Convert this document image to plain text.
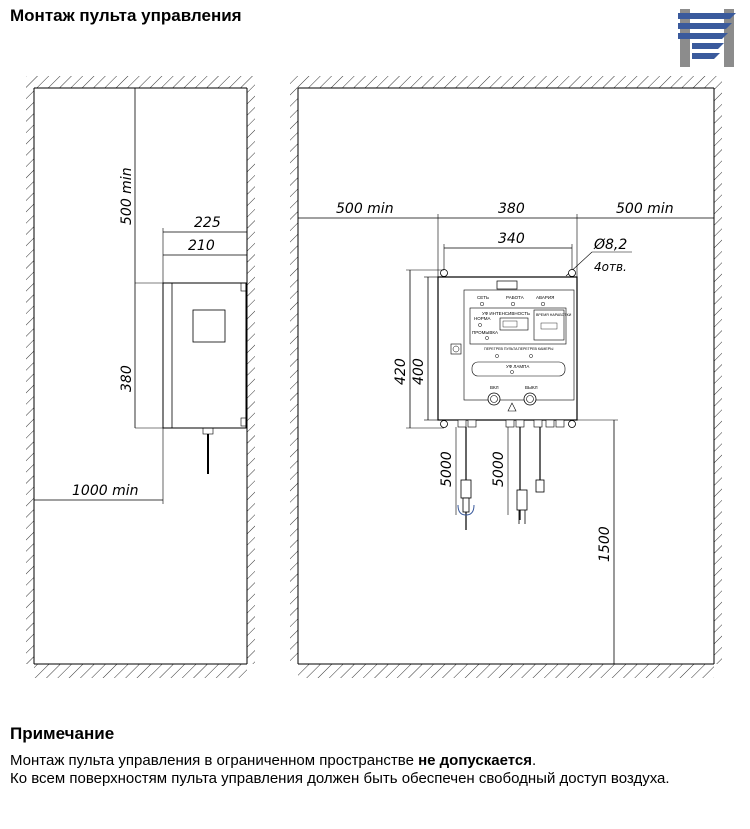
Монтаж пульта управления
500 min	225
210
380
1000 min
500 min	380	500 min
340	Ø8,2
4отв.
СЕТЬ	РАБОТА	АВАРИЯ
УФ ИНТЕНСИВНОСТЬ
НОРМА
ПРОМЫВКА
ВРЕМЯ НАРАБОТКИ
ПЕРЕГРЕВ ПУЛЬТА ПЕРЕГРЕВ КАМЕРЫ
УФ ЛАМПА
ВКЛ	ВЫКЛ
420 400
5000	5000
1500
Примечание
Монтаж пульта управления в ограниченном пространстве не допускается.
Ко всем поверхностям пульта управления должен быть обеспечен свободный доступ воздуха.
